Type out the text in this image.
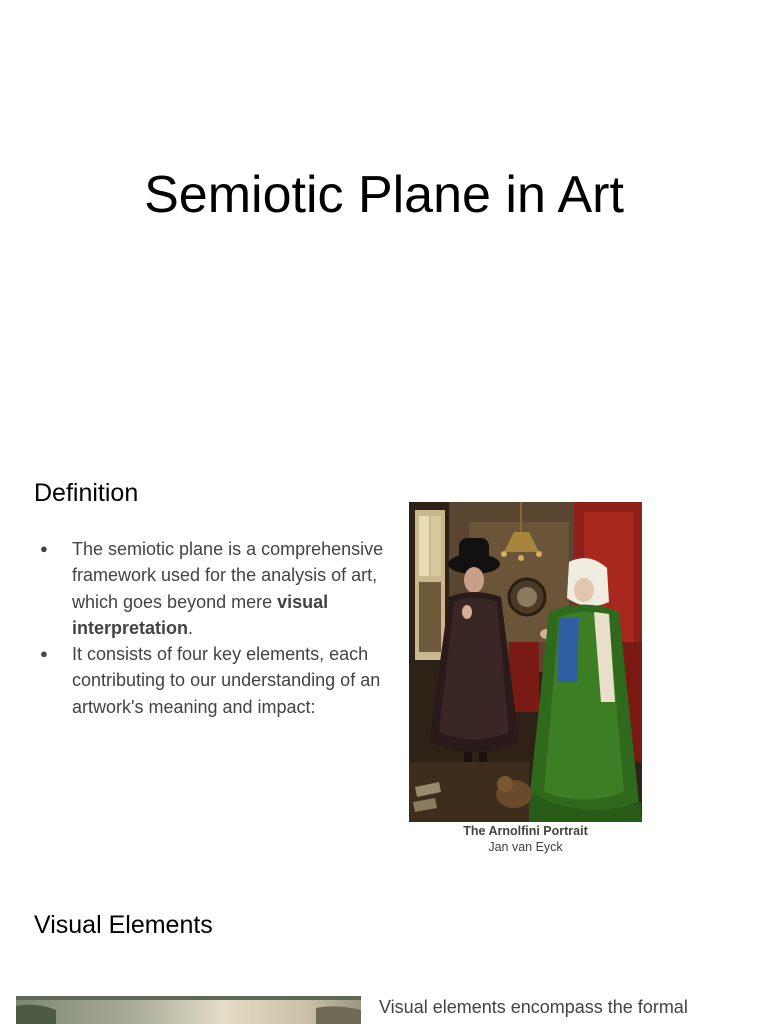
Semiotic Plane in Art
Definition
● The semiotic plane is a comprehensive framework used for the analysis of art, which goes beyond mere visual interpretation.
● It consists of four key elements, each contributing to our understanding of an artwork's meaning and impact:
The Arnolfini Portrait
Jan van Eyck
Visual Elements
Visual elements encompass the formal
